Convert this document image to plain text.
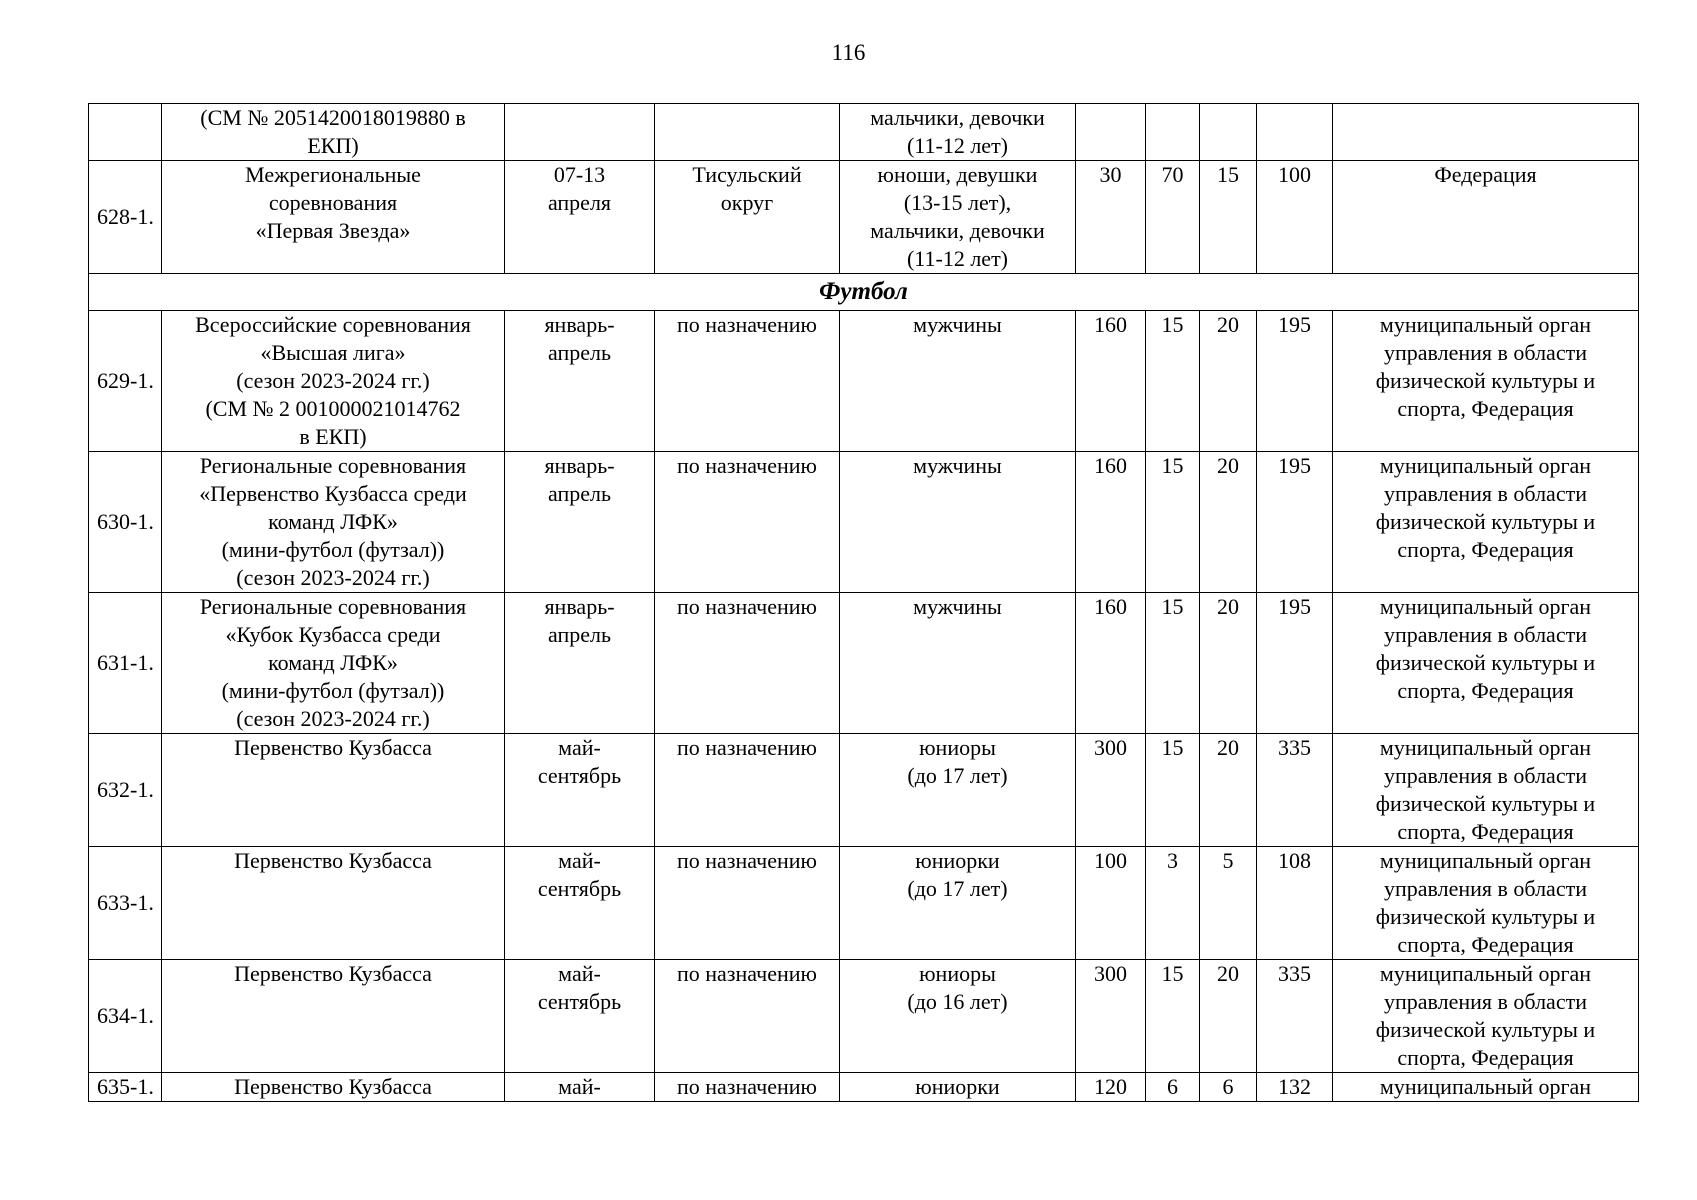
116

	(СМ № 2051420018019880 в
ЕКП)			мальчики, девочки
(11-12 лет)					

628-1.	Межрегиональные
соревнования
«Первая Звезда»	07-13
апреля	Тисульский
округ	юноши, девушки
(13-15 лет),
мальчики, девочки
(11-12 лет)	30	70	15	100	Федерация

Футбол									
629-1.	Всероссийские соревнования
«Высшая лига»
(сезон 2023-2024 гг.)
(СМ № 2 001000021014762
в ЕКП)	январь-
апрель	по назначению	мужчины	160	15	20	195	муниципальный орган
управления в области
физической культуры и
спорта, Федерация

630-1.	Региональные соревнования
«Первенство Кузбасса среди
команд ЛФК»
(мини-футбол (футзал))
(сезон 2023-2024 гг.)	январь-
апрель	по назначению	мужчины	160	15	20	195	муниципальный орган
управления в области
физической культуры и
спорта, Федерация

631-1.	Региональные соревнования
«Кубок Кузбасса среди
команд ЛФК»
(мини-футбол (футзал))
(сезон 2023-2024 гг.)	январь-
апрель	по назначению	мужчины	160	15	20	195	муниципальный орган
управления в области
физической культуры и
спорта, Федерация

632-1.	Первенство Кузбасса	май-
сентябрь	по назначению	юниоры
(до 17 лет)	300	15	20	335	муниципальный орган
управления в области
физической культуры и
спорта, Федерация

633-1.	Первенство Кузбасса	май-
сентябрь	по назначению	юниорки
(до 17 лет)	100	3	5	108	муниципальный орган
управления в области
физической культуры и
спорта, Федерация

634-1.	Первенство Кузбасса	май-
сентябрь	по назначению	юниоры
(до 16 лет)	300	15	20	335	муниципальный орган
управления в области
физической культуры и
спорта, Федерация

635-1.	Первенство Кузбасса	май-	по назначению	юниорки	120	6	6	132	муниципальный орган
